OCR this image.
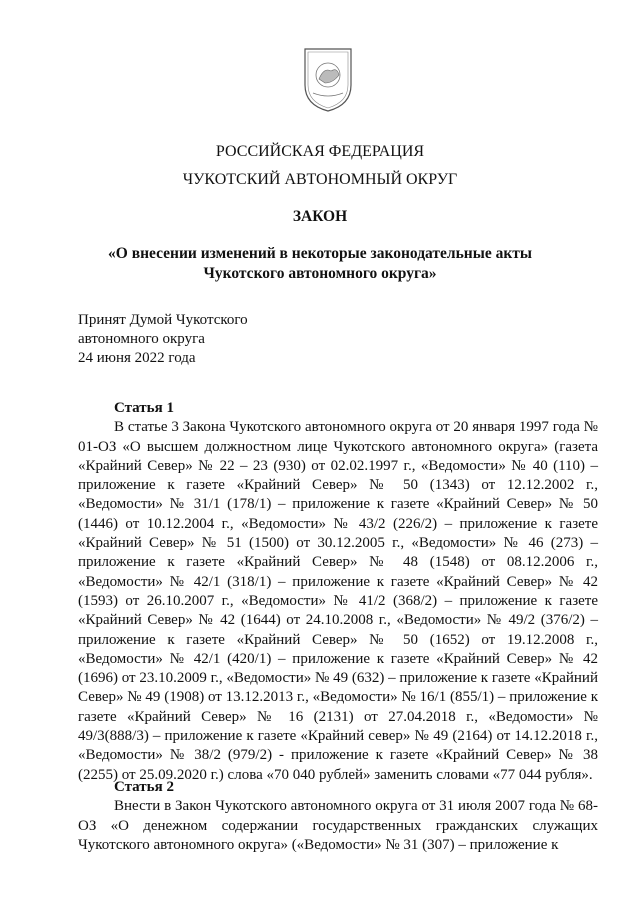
РОССИЙСКАЯ ФЕДЕРАЦИЯ
ЧУКОТСКИЙ АВТОНОМНЫЙ ОКРУГ
ЗАКОН
«О внесении изменений в некоторые законодательные акты
Чукотского автономного округа»
Принят Думой Чукотского
автономного округа
24 июня 2022 года
Статья 1

В статье 3 Закона Чукотского автономного округа от 20 января 1997 года № 01-ОЗ «О высшем должностном лице Чукотского автономного округа» (газета «Крайний Север» № 22 – 23 (930) от 02.02.1997 г., «Ведомости» № 40 (110) – приложение к газете «Крайний Север» № 50 (1343) от 12.12.2002 г., «Ведомости» № 31/1 (178/1) – приложение к газете «Крайний Север» № 50 (1446) от 10.12.2004 г., «Ведомости» № 43/2 (226/2) – приложение к газете «Крайний Север» № 51 (1500) от 30.12.2005 г., «Ведомости» № 46 (273) – приложение к газете «Крайний Север» № 48 (1548) от 08.12.2006 г., «Ведомости» № 42/1 (318/1) – приложение к газете «Крайний Север» № 42 (1593) от 26.10.2007 г., «Ведомости» № 41/2 (368/2) – приложение к газете «Крайний Север» № 42 (1644) от 24.10.2008 г., «Ведомости» № 49/2 (376/2) – приложение к газете «Крайний Север» № 50 (1652) от 19.12.2008 г., «Ведомости» № 42/1 (420/1) – приложение к газете «Крайний Север» № 42 (1696) от 23.10.2009 г., «Ведомости» № 49 (632) – приложение к газете «Крайний Север» № 49 (1908) от 13.12.2013 г., «Ведомости» № 16/1 (855/1) – приложение к газете «Крайний Север» № 16 (2131) от 27.04.2018 г., «Ведомости» № 49/3(888/3) – приложение к газете «Крайний север» № 49 (2164) от 14.12.2018 г., «Ведомости» № 38/2 (979/2) - приложение к газете «Крайний Север» № 38 (2255) от 25.09.2020 г.) слова «70 040 рублей» заменить словами «77 044 рубля».

Статья 2

Внести в Закон Чукотского автономного округа от 31 июля 2007 года № 68-ОЗ «О денежном содержании государственных гражданских служащих Чукотского автономного округа» («Ведомости» № 31 (307) – приложение к
